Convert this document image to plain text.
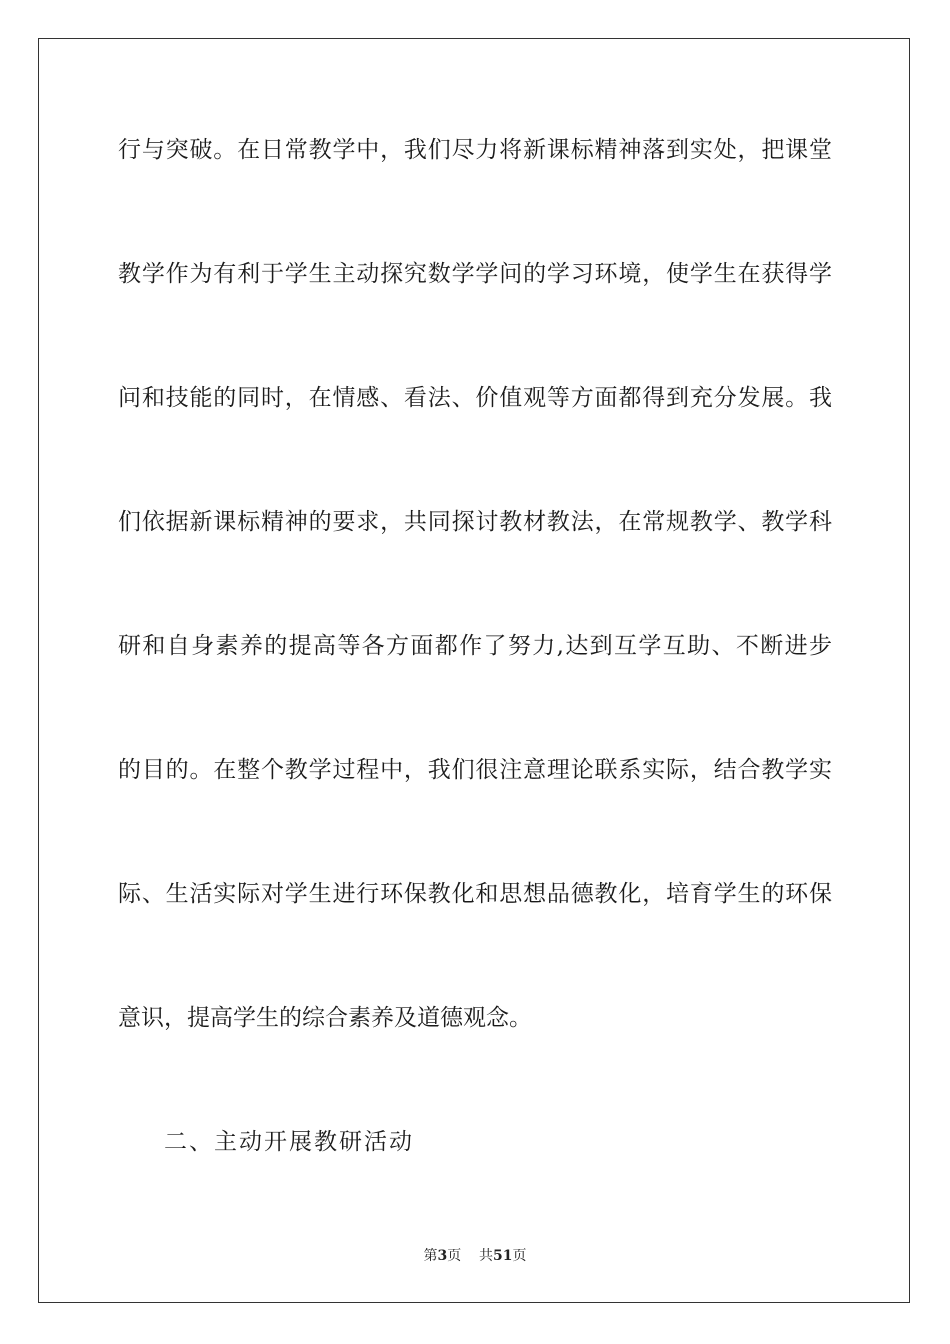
行与突破。在日常教学中，我们尽力将新课标精神落到实处，把课堂
教学作为有利于学生主动探究数学学问的学习环境，使学生在获得学
问和技能的同时，在情感、看法、价值观等方面都得到充分发展。我
们依据新课标精神的要求，共同探讨教材教法，在常规教学、教学科
研和自身素养的提高等各方面都作了努力,达到互学互助、不断进步
的目的。在整个教学过程中，我们很注意理论联系实际，结合教学实
际、生活实际对学生进行环保教化和思想品德教化，培育学生的环保
意识，提高学生的综合素养及道德观念。
二、主动开展教研活动
第3页 共51页
